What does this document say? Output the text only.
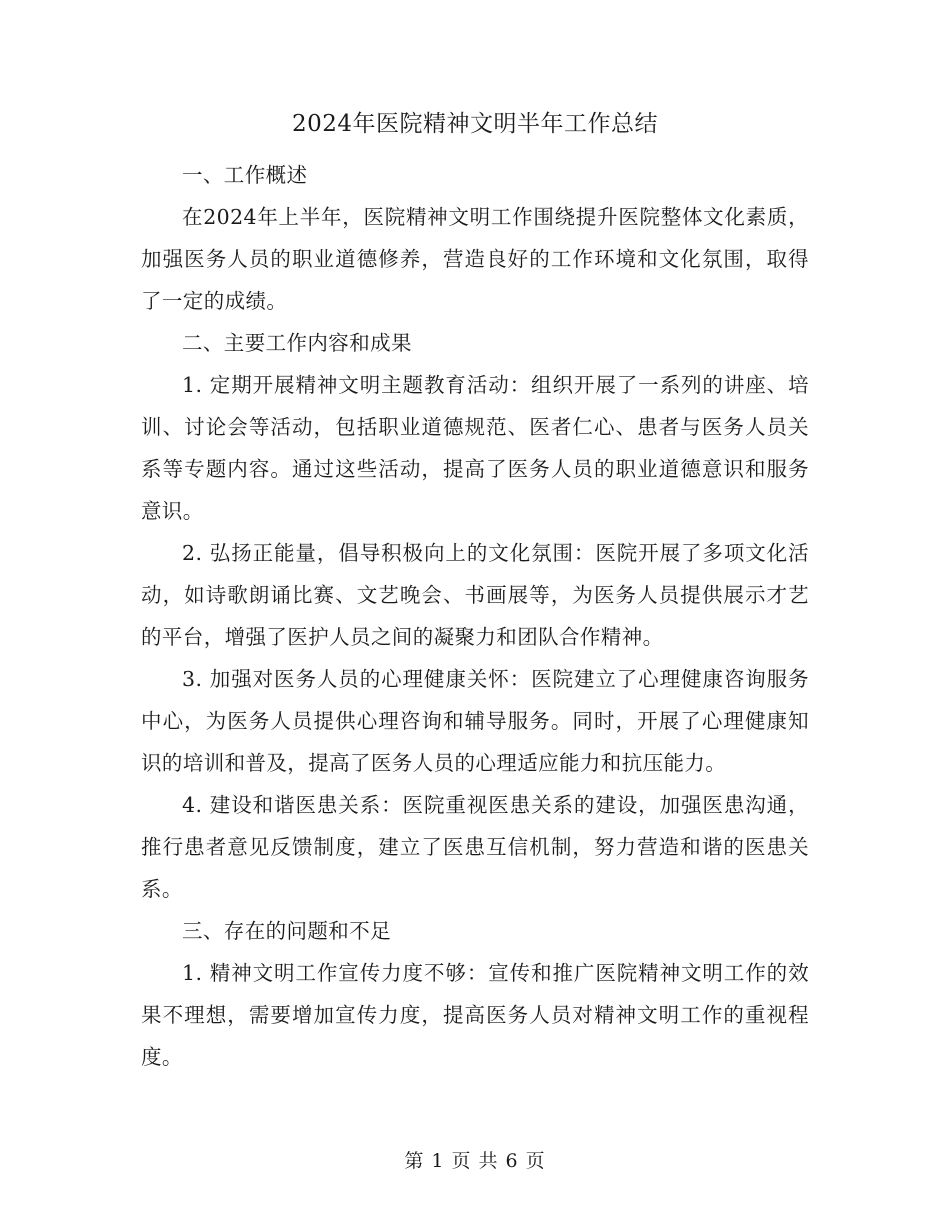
2024年医院精神文明半年工作总结

一、工作概述

在2024年上半年，医院精神文明工作围绕提升医院整体文化素质，加强医务人员的职业道德修养，营造良好的工作环境和文化氛围，取得了一定的成绩。

二、主要工作内容和成果

1. 定期开展精神文明主题教育活动：组织开展了一系列的讲座、培训、讨论会等活动，包括职业道德规范、医者仁心、患者与医务人员关系等专题内容。通过这些活动，提高了医务人员的职业道德意识和服务意识。

2. 弘扬正能量，倡导积极向上的文化氛围：医院开展了多项文化活动，如诗歌朗诵比赛、文艺晚会、书画展等，为医务人员提供展示才艺的平台，增强了医护人员之间的凝聚力和团队合作精神。

3. 加强对医务人员的心理健康关怀：医院建立了心理健康咨询服务中心，为医务人员提供心理咨询和辅导服务。同时，开展了心理健康知识的培训和普及，提高了医务人员的心理适应能力和抗压能力。

4. 建设和谐医患关系：医院重视医患关系的建设，加强医患沟通，推行患者意见反馈制度，建立了医患互信机制，努力营造和谐的医患关系。

三、存在的问题和不足

1. 精神文明工作宣传力度不够：宣传和推广医院精神文明工作的效果不理想，需要增加宣传力度，提高医务人员对精神文明工作的重视程度。

第 1 页 共 6 页
